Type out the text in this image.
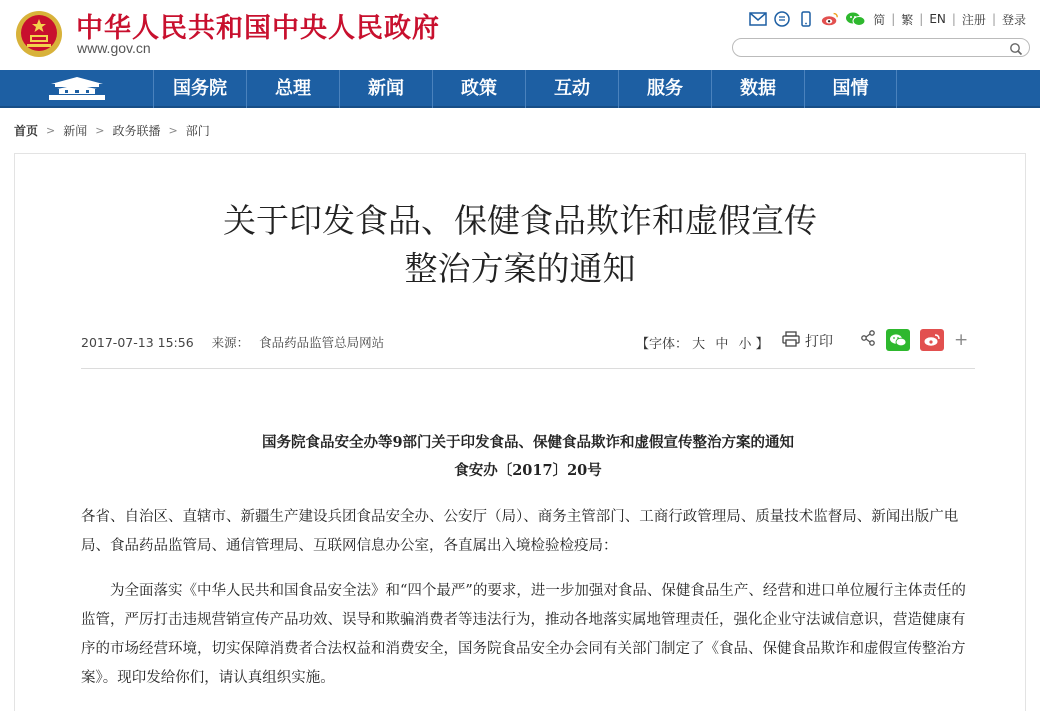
中华人民共和国中央人民政府
www.gov.cn
简 | 繁 | EN | 注册 | 登录
国务院	总理	新闻	政策	互动	服务	数据	国情
首页 > 新闻 > 政务联播 > 部门
关于印发食品、保健食品欺诈和虚假宣传
整治方案的通知
2017-07-13 15:56 来源： 食品药品监管总局网站	【字体： 大 中 小 】	打印	+
国务院食品安全办等9部门关于印发食品、保健食品欺诈和虚假宣传整治方案的通知
食安办〔2017〕20号
各省、自治区、直辖市、新疆生产建设兵团食品安全办、公安厅（局）、商务主管部门、工商行政管理局、质量技术监督局、新闻出版广电局、食品药品监管局、通信管理局、互联网信息办公室，各直属出入境检验检疫局：
为全面落实《中华人民共和国食品安全法》和“四个最严”的要求，进一步加强对食品、保健食品生产、经营和进口单位履行主体责任的监管，严厉打击违规营销宣传产品功效、误导和欺骗消费者等违法行为，推动各地落实属地管理责任，强化企业守法诚信意识，营造健康有序的市场经营环境，切实保障消费者合法权益和消费安全，国务院食品安全办会同有关部门制定了《食品、保健食品欺诈和虚假宣传整治方案》。现印发给你们，请认真组织实施。
